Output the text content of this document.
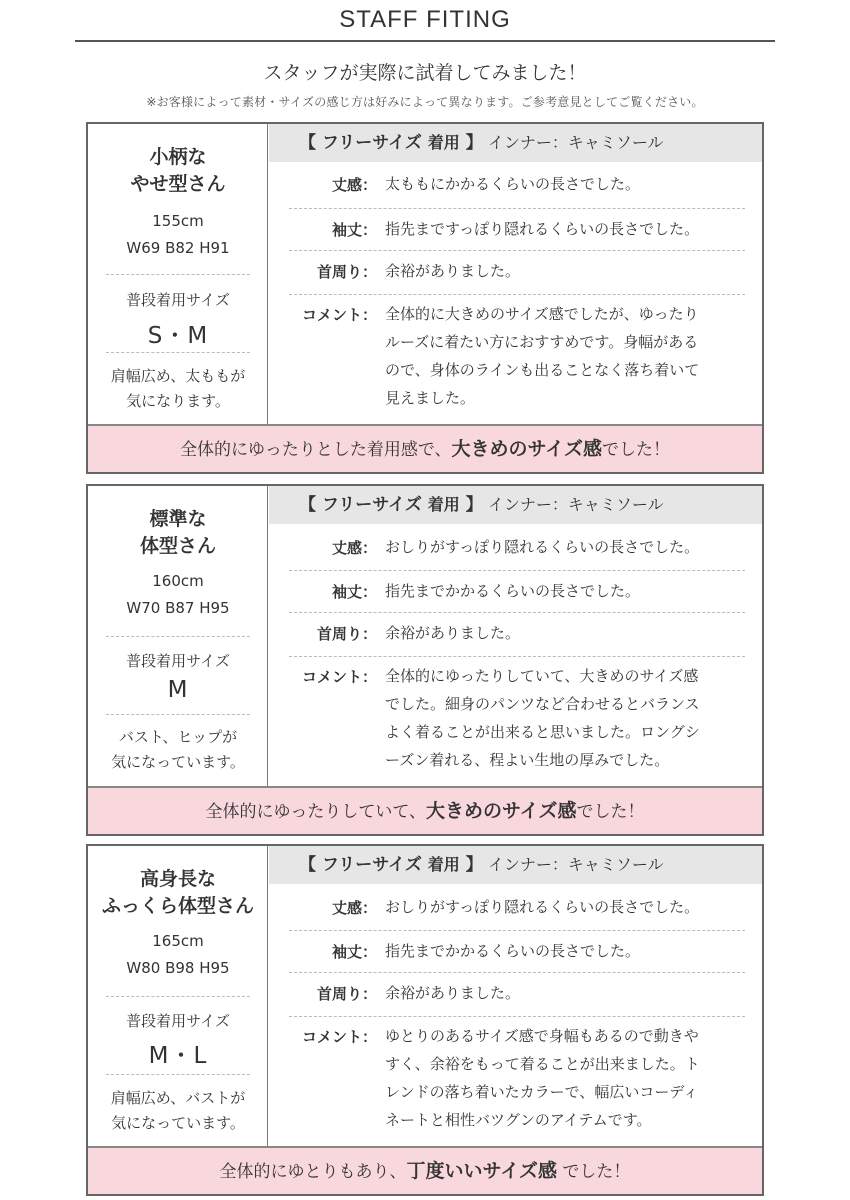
STAFF FITING
スタッフが実際に試着してみました！
※お客様によって素材・サイズの感じ方は好みによって異なります。ご参考意見としてご覧ください。
小柄な
やせ型さん
155cm
W69 B82 H91
普段着用サイズ
S・M
肩幅広め、太ももが
気になります。
【 フリーサイズ 着用 】 インナー：キャミソール
丈感： 太ももにかかるくらいの長さでした。
袖丈： 指先まですっぽり隠れるくらいの長さでした。
首周り： 余裕がありました。
コメント： 全体的に大きめのサイズ感でしたが、ゆったり
ルーズに着たい方におすすめです。身幅がある
ので、身体のラインも出ることなく落ち着いて
見えました。
全体的にゆったりとした着用感で、大きめのサイズ感でした！
標準な
体型さん
160cm
W70 B87 H95
普段着用サイズ
M
バスト、ヒップが
気になっています。
【 フリーサイズ 着用 】 インナー：キャミソール
丈感： おしりがすっぽり隠れるくらいの長さでした。
袖丈： 指先までかかるくらいの長さでした。
首周り： 余裕がありました。
コメント： 全体的にゆったりしていて、大きめのサイズ感
でした。細身のパンツなど合わせるとバランス
よく着ることが出来ると思いました。ロングシ
ーズン着れる、程よい生地の厚みでした。
全体的にゆったりしていて、大きめのサイズ感でした！
高身長な
ふっくら体型さん
165cm
W80 B98 H95
普段着用サイズ
M・L
肩幅広め、バストが
気になっています。
【 フリーサイズ 着用 】 インナー：キャミソール
丈感： おしりがすっぽり隠れるくらいの長さでした。
袖丈： 指先までかかるくらいの長さでした。
首周り： 余裕がありました。
コメント： ゆとりのあるサイズ感で身幅もあるので動きや
すく、余裕をもって着ることが出来ました。ト
レンドの落ち着いたカラーで、幅広いコーディ
ネートと相性バツグンのアイテムです。
全体的にゆとりもあり、丁度いいサイズ感 でした！
